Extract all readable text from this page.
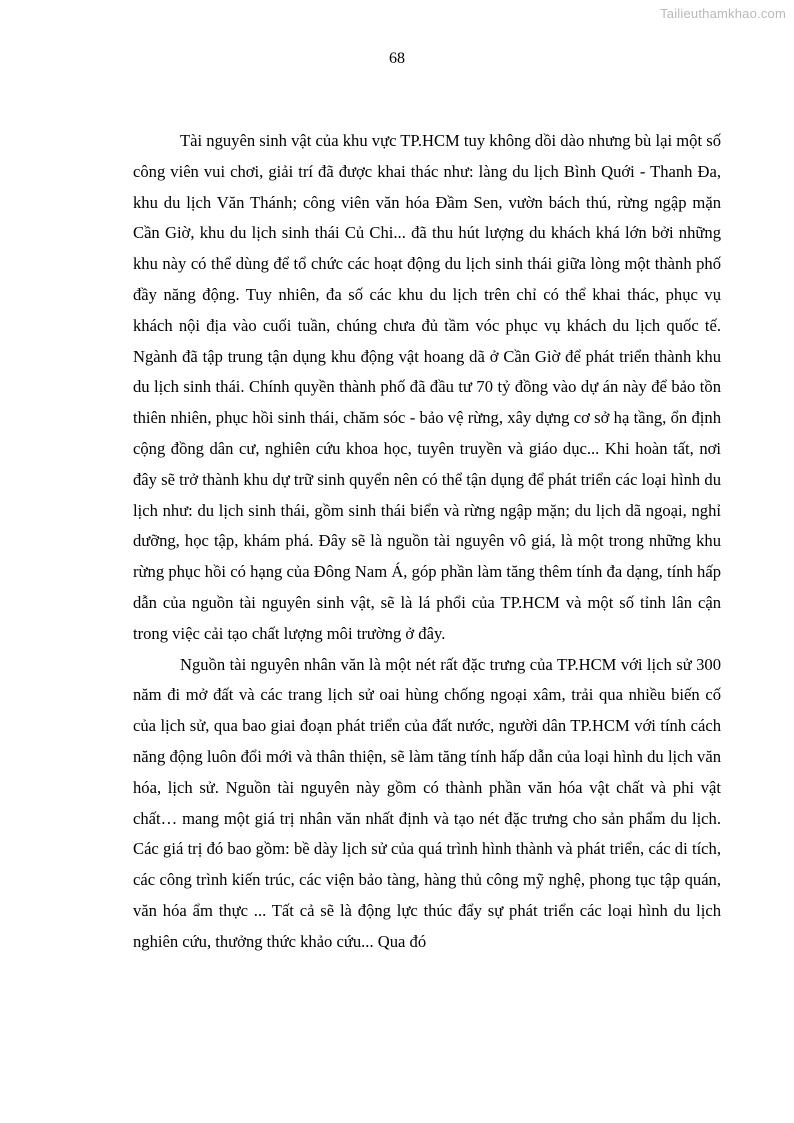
Tailieuthamkhao.com
68

Tài nguyên sinh vật của khu vực TP.HCM tuy không dồi dào nhưng bù lại một số công viên vui chơi, giải trí đã được khai thác như: làng du lịch Bình Quới - Thanh Đa, khu du lịch Văn Thánh; công viên văn hóa Đầm Sen, vườn bách thú, rừng ngập mặn Cần Giờ, khu du lịch sinh thái Củ Chi... đã thu hút lượng du khách khá lớn bởi những khu này có thể dùng để tổ chức các hoạt động du lịch sinh thái giữa lòng một thành phố đầy năng động. Tuy nhiên, đa số các khu du lịch trên chỉ có thể khai thác, phục vụ khách nội địa vào cuối tuần, chúng chưa đủ tầm vóc phục vụ khách du lịch quốc tế. Ngành đã tập trung tận dụng khu động vật hoang dã ở Cần Giờ để phát triển thành khu du lịch sinh thái. Chính quyền thành phố đã đầu tư 70 tỷ đồng vào dự án này để bảo tồn thiên nhiên, phục hồi sinh thái, chăm sóc - bảo vệ rừng, xây dựng cơ sở hạ tầng, ổn định cộng đồng dân cư, nghiên cứu khoa học, tuyên truyền và giáo dục... Khi hoàn tất, nơi đây sẽ trở thành khu dự trữ sinh quyển nên có thể tận dụng để phát triển các loại hình du lịch như: du lịch sinh thái, gồm sinh thái biển và rừng ngập mặn; du lịch dã ngoại, nghỉ dưỡng, học tập, khám phá. Đây sẽ là nguồn tài nguyên vô giá, là một trong những khu rừng phục hồi có hạng của Đông Nam Á, góp phần làm tăng thêm tính đa dạng, tính hấp dẫn của nguồn tài nguyên sinh vật, sẽ là lá phổi của TP.HCM và một số tỉnh lân cận trong việc cải tạo chất lượng môi trường ở đây.

Nguồn tài nguyên nhân văn là một nét rất đặc trưng của TP.HCM với lịch sử 300 năm đi mở đất và các trang lịch sử oai hùng chống ngoại xâm, trải qua nhiều biến cố của lịch sử, qua bao giai đoạn phát triển của đất nước, người dân TP.HCM với tính cách năng động luôn đổi mới và thân thiện, sẽ làm tăng tính hấp dẫn của loại hình du lịch văn hóa, lịch sử. Nguồn tài nguyên này gồm có thành phần văn hóa vật chất và phi vật chất… mang một giá trị nhân văn nhất định và tạo nét đặc trưng cho sản phẩm du lịch. Các giá trị đó bao gồm: bề dày lịch sử của quá trình hình thành và phát triển, các di tích, các công trình kiến trúc, các viện bảo tàng, hàng thủ công mỹ nghệ, phong tục tập quán, văn hóa ẩm thực ... Tất cả sẽ là động lực thúc đẩy sự phát triển các loại hình du lịch nghiên cứu, thưởng thức khảo cứu... Qua đó
